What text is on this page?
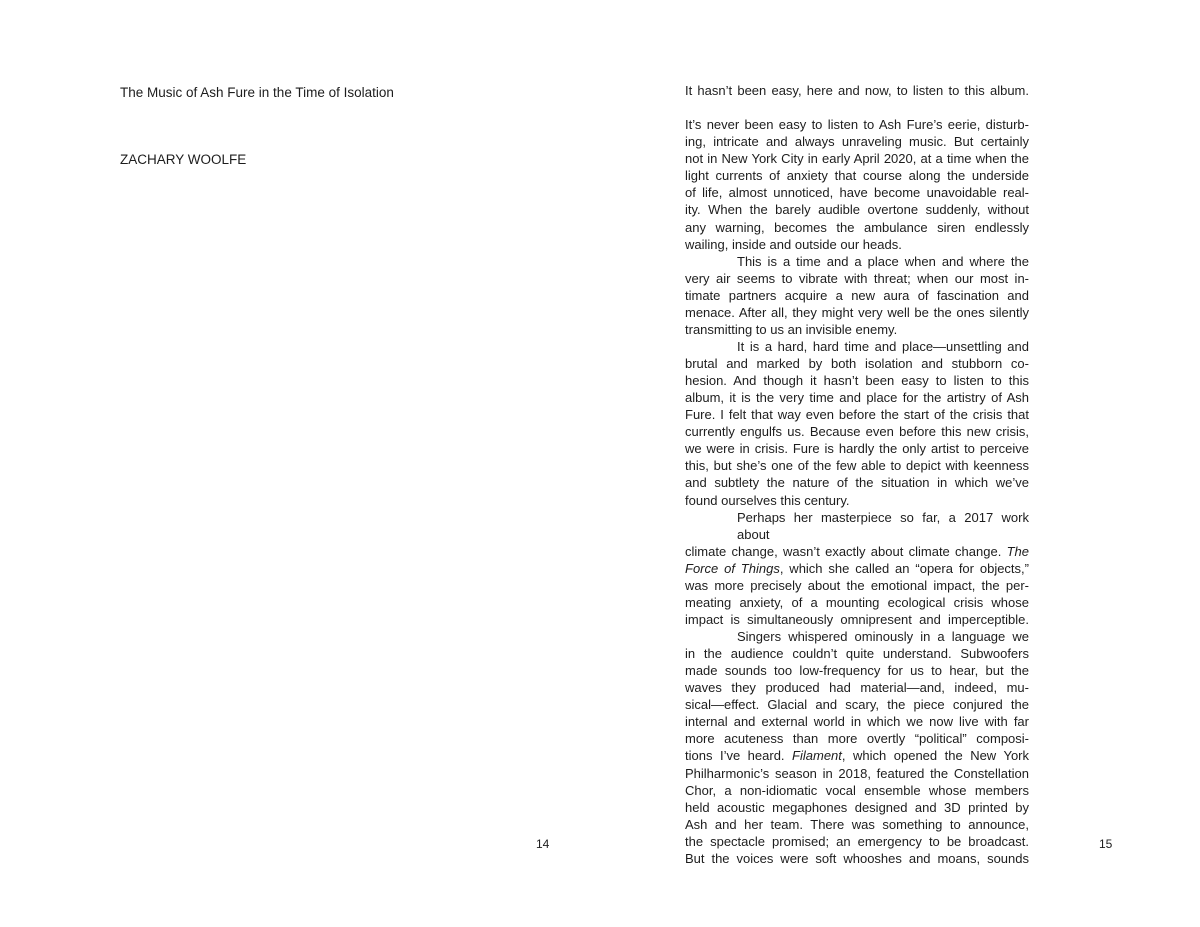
The Music of Ash Fure in the Time of Isolation
ZACHARY WOOLFE
It hasn’t been easy, here and now, to listen to this album.
It’s never been easy to listen to Ash Fure’s eerie, disturb-
ing, intricate and always unraveling music. But certainly
not in New York City in early April 2020, at a time when the
light currents of anxiety that course along the underside
of life, almost unnoticed, have become unavoidable real-
ity. When the barely audible overtone suddenly, without
any warning, becomes the ambulance siren endlessly
wailing, inside and outside our heads.
This is a time and a place when and where the
very air seems to vibrate with threat; when our most in-
timate partners acquire a new aura of fascination and
menace. After all, they might very well be the ones silently
transmitting to us an invisible enemy.
It is a hard, hard time and place—unsettling and
brutal and marked by both isolation and stubborn co-
hesion. And though it hasn’t been easy to listen to this
album, it is the very time and place for the artistry of Ash
Fure. I felt that way even before the start of the crisis that
currently engulfs us. Because even before this new crisis,
we were in crisis. Fure is hardly the only artist to perceive
this, but she’s one of the few able to depict with keenness
and subtlety the nature of the situation in which we’ve
found ourselves this century.
Perhaps her masterpiece so far, a 2017 work about
climate change, wasn’t exactly about climate change. The
Force of Things, which she called an “opera for objects,”
was more precisely about the emotional impact, the per-
meating anxiety, of a mounting ecological crisis whose
impact is simultaneously omnipresent and imperceptible.
Singers whispered ominously in a language we
in the audience couldn’t quite understand. Subwoofers
made sounds too low-frequency for us to hear, but the
waves they produced had material—and, indeed, mu-
sical—effect. Glacial and scary, the piece conjured the
internal and external world in which we now live with far
more acuteness than more overtly “political” composi-
tions I’ve heard. Filament, which opened the New York
Philharmonic’s season in 2018, featured the Constellation
Chor, a non-idiomatic vocal ensemble whose members
held acoustic megaphones designed and 3D printed by
Ash and her team. There was something to announce,
the spectacle promised; an emergency to be broadcast.
But the voices were soft whooshes and moans, sounds
14	15
